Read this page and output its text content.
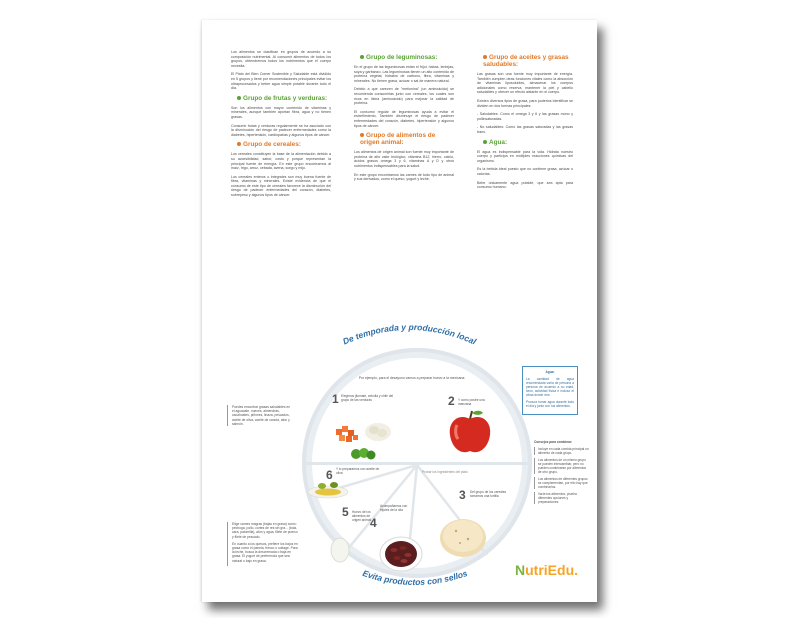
Los alimentos se clasifican en grupos de acuerdo a su composición nutrimental. Al consumir alimentos de todos los grupos, obtendremos todos los nutrimentos que el cuerpo necesita.

El Plato del Bien Comer Sostenible y Saludable está dividido en 5 grupos y tiene por recomendaciones principales evitar los ultraprocesados y beber agua simple potable durante todo el día.

Grupo de frutas y verduras:

Son los alimentos con mayor contenido de vitaminas y minerales, aunque también aportan fibra, agua y no tienen grasas.

Consumir frutas y verduras regularmente se ha asociado con la disminución del riesgo de padecer enfermedades como la diabetes, hipertensión, cardiopatías y algunos tipos de cáncer.

Grupo de cereales:

Los cereales constituyen la base de la alimentación debido a su accesibilidad, sabor, costo y porque representan la principal fuente de energía. En este grupo encontramos al maíz, trigo, arroz, cebada, avena, sorgo y mijo.

Los cereales enteros o integrales son muy buena fuente de fibra, vitaminas y minerales. Existe evidencia de que el consumo de este tipo de cereales favorece la disminución del riesgo de padecer enfermedades del corazón, diabetes, sobrepeso y algunos tipos de cáncer.

Grupo de leguminosas:

En el grupo de las leguminosas están el frijol, habas, lentejas, soya y garbanzo. Las leguminosas tienen un alto contenido de proteína vegetal, hidratos de carbono, fibra, vitaminas y minerales. No tienen grasa, azúcar o sal de manera natural.

Debido a que carecen de "metionina" (un aminoácido) se recomienda consumirlas junto con cereales, los cuales son ricos en lisina (aminoácido) para mejorar la calidad de proteína.

El consumo regular de leguminosas ayuda a evitar el estreñimiento. También disminuye el riesgo de padecer enfermedades del corazón, diabetes, hipertensión y algunos tipos de cáncer.

Grupo de alimentos de origen animal:

Los alimentos de origen animal son fuente muy importante de proteína de alto valor biológico, vitamina B12, hierro, calcio, ácidos grasos omega 3 y 6, vitaminas A y D y otros nutrimentos indispensables para la salud.

En este grupo encontramos las carnes de todo tipo de animal y sus derivados, como el queso, yogurt y leche.

Grupo de aceites y grasas saludables:

Las grasas son una fuente muy importante de energía. También cumplen otras funciones vitales como la absorción de vitaminas liposolubles, almacenar los cuerpos adicionales como reserva, mantener la piel y cabello saludables y ofrecer un efecto aislante en el cuerpo.

Existen diversos tipos de grasa, para poderlos identificar se dividen en dos formas principales:

- Saludables: Como el omega 3 y 6 y las grasas mono y poliinsaturadas.

- No saludables: Como las grasas saturadas y las grasas trans.

Agua:

El agua es indispensable para la vida. Hidrata nuestro cuerpo y participa en múltiples reacciones químicas del organismo.

Es la bebida ideal puesto que no contiene grasa, azúcar o calorías.

Bebe únicamente agua potable, que sea apta para consumo humano.

De temporada y producción local
Por ejemplo, para el desayuno vamos a preparar huevo a la mexicana:
1 Elegimos jitomate, cebolla y chile del grupo de las verduras	2 Y como postre una manzana
3 Del grupo de los cereales tomamos una tortilla
4
Acompañamos con frijoles de la olla
5 Huevo de los alimentos de origen animal
6 Y lo preparamos con aceite de oliva	Probar los ingredientes del plato
Evita productos con sellos
Puedes encontrar grasas saludables en el aguacate, nueces, almendras, cacahuates, piñones, linaza, pescados, aceite de oliva, aceite de canola, atún y salmón.

Elige carnes magras (bajas en grasa) como: pechuga, pollo, cortes de res sin gra... (bola, cara, palomilla), atún y agua, filete de puerco y filete de pescado.

En cuanto a los quesos, prefiere los bajos en grasa como el panela, fresco o cottage. Para la leche, busca la descremada o baja en grasa. El yogurt de preferencia que sea natural o bajo en grasa.

Agua:

La cantidad de agua recomendada varía de persona a persona de acuerdo a su edad, sexo, actividad física e incluso el clima donde vive.

Procura tomar agua durante todo el día y junto con tus alimentos.

Consejos para combinar:
Incluye en cada comida principal un alimento de cada grupo.
Los alimentos de un mismo grupo se pueden intercambiar, pero no pueden combinarse por alimentos de otro grupo.
Los alimentos de diferentes grupos se complementan, por ello hay que combinarlos.
Varía tus alimentos, prueba diferentes opciones y preparaciones.
NutriEdu.
